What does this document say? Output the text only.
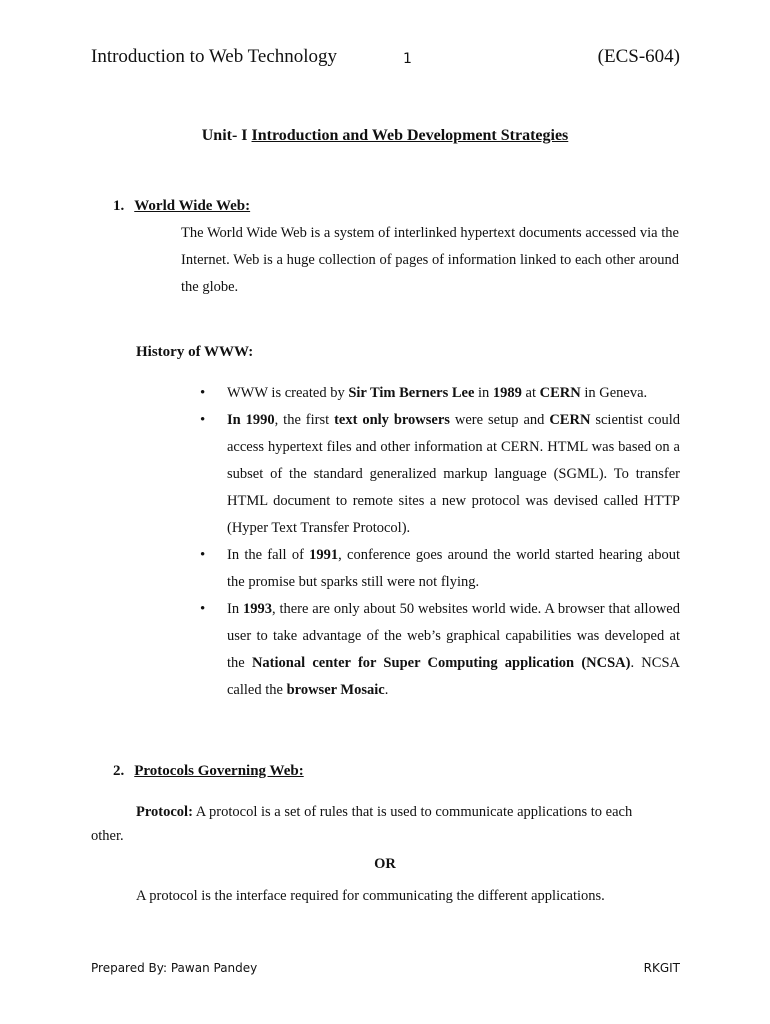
Introduction to Web Technology	1	(ECS-604)
Unit- I Introduction and Web Development Strategies
1. World Wide Web:
The World Wide Web is a system of interlinked hypertext documents accessed via the Internet. Web is a huge collection of pages of information linked to each other around the globe.
History of WWW:
• WWW is created by Sir Tim Berners Lee in 1989 at CERN in Geneva.
• In 1990, the first text only browsers were setup and CERN scientist could access hypertext files and other information at CERN. HTML was based on a subset of the standard generalized markup language (SGML). To transfer HTML document to remote sites a new protocol was devised called HTTP (Hyper Text Transfer Protocol).
• In the fall of 1991, conference goes around the world started hearing about the promise but sparks still were not flying.
• In 1993, there are only about 50 websites world wide. A browser that allowed user to take advantage of the web’s graphical capabilities was developed at the National center for Super Computing application (NCSA). NCSA called the browser Mosaic.
2. Protocols Governing Web:
Protocol: A protocol is a set of rules that is used to communicate applications to each other.
OR
A protocol is the interface required for communicating the different applications.
Prepared By: Pawan Pandey	RKGIT
